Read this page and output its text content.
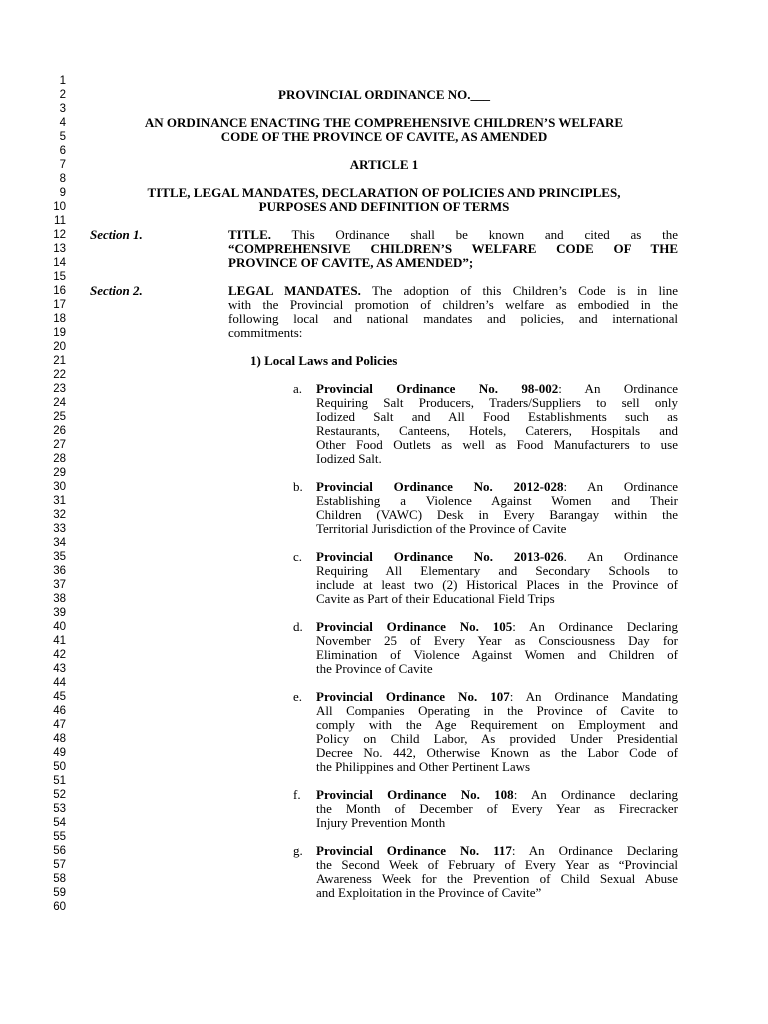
1
2
3
4
5
6
7
8
9
10
11
12
13
14
15
16
17
18
19
20
21
22
23
24
25
26
27
28
29
30
31
32
33
34
35
36
37
38
39
40
41
42
43
44
45
46
47
48
49
50
51
52
53
54
55
56
57
58
59
60
PROVINCIAL ORDINANCE NO.___
AN ORDINANCE ENACTING THE COMPREHENSIVE CHILDREN’S WELFARE
CODE OF THE PROVINCE OF CAVITE, AS AMENDED
ARTICLE 1
TITLE, LEGAL MANDATES, DECLARATION OF POLICIES AND PRINCIPLES,
PURPOSES AND DEFINITION OF TERMS
Section 1.	TITLE. This Ordinance shall be known and cited as the
“COMPREHENSIVE CHILDREN’S WELFARE CODE OF THE
PROVINCE OF CAVITE, AS AMENDED”;
Section 2.	LEGAL MANDATES. The adoption of this Children’s Code is in line
with the Provincial promotion of children’s welfare as embodied in the
following local and national mandates and policies, and international
commitments:
1) Local Laws and Policies
a. Provincial Ordinance No. 98-002: An Ordinance
Requiring Salt Producers, Traders/Suppliers to sell only
Iodized Salt and All Food Establishments such as
Restaurants, Canteens, Hotels, Caterers, Hospitals and
Other Food Outlets as well as Food Manufacturers to use
Iodized Salt.
b. Provincial Ordinance No. 2012-028: An Ordinance
Establishing a Violence Against Women and Their
Children (VAWC) Desk in Every Barangay within the
Territorial Jurisdiction of the Province of Cavite
c. Provincial Ordinance No. 2013-026. An Ordinance
Requiring All Elementary and Secondary Schools to
include at least two (2) Historical Places in the Province of
Cavite as Part of their Educational Field Trips
d. Provincial Ordinance No. 105: An Ordinance Declaring
November 25 of Every Year as Consciousness Day for
Elimination of Violence Against Women and Children of
the Province of Cavite
e. Provincial Ordinance No. 107: An Ordinance Mandating
All Companies Operating in the Province of Cavite to
comply with the Age Requirement on Employment and
Policy on Child Labor, As provided Under Presidential
Decree No. 442, Otherwise Known as the Labor Code of
the Philippines and Other Pertinent Laws
f. Provincial Ordinance No. 108: An Ordinance declaring
the Month of December of Every Year as Firecracker
Injury Prevention Month
g. Provincial Ordinance No. 117: An Ordinance Declaring
the Second Week of February of Every Year as “Provincial
Awareness Week for the Prevention of Child Sexual Abuse
and Exploitation in the Province of Cavite”
